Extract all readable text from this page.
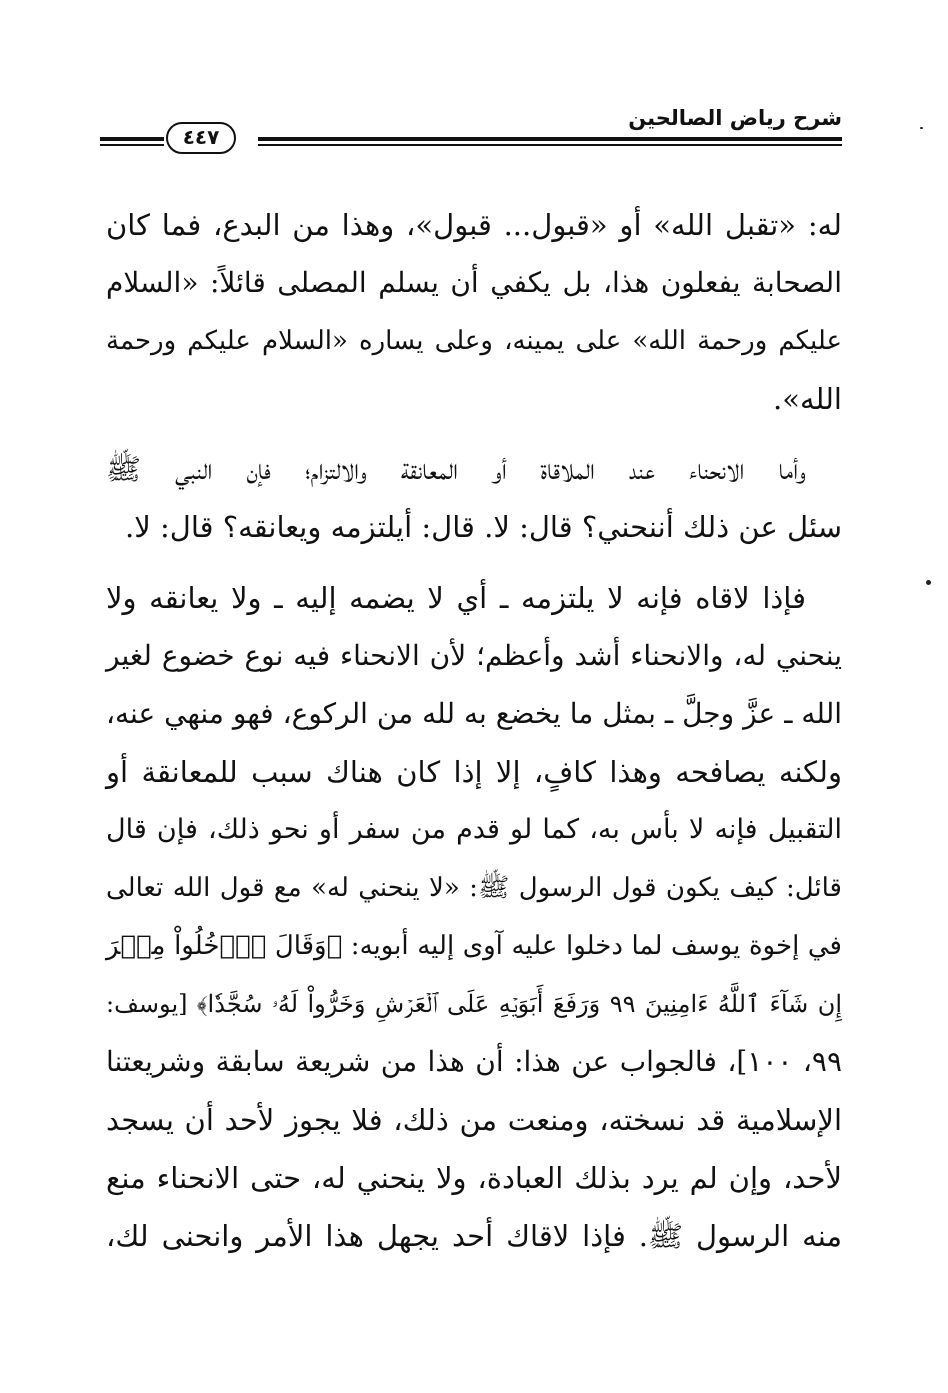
شرح رياض الصالحين
٤٤٧
له: «تقبل الله» أو «قبول... قبول»، وهذا من البدع، فما كان
الصحابة يفعلون هذا، بل يكفي أن يسلم المصلى قائلاً: «السلام
عليكم ورحمة الله» على يمينه، وعلى يساره «السلام عليكم ورحمة
الله».
وأما الانحناء عند الملاقاة أو المعانقة والالتزام؛ فإن النبي ﷺ
سئل عن ذلك أننحني؟ قال: لا. قال: أيلتزمه ويعانقه؟ قال: لا.
فإذا لاقاه فإنه لا يلتزمه ـ أي لا يضمه إليه ـ ولا يعانقه ولا
ينحني له، والانحناء أشد وأعظم؛ لأن الانحناء فيه نوع خضوع لغير
الله ـ عزَّ وجلَّ ـ بمثل ما يخضع به لله من الركوع، فهو منهي عنه،
ولكنه يصافحه وهذا كافٍ، إلا إذا كان هناك سبب للمعانقة أو
التقبيل فإنه لا بأس به، كما لو قدم من سفر أو نحو ذلك، فإن قال
قائل: كيف يكون قول الرسول ﷺ: «لا ينحني له» مع قول الله تعالى
في إخوة يوسف لما دخلوا عليه آوى إليه أبويه: ﴿وَقَالَ ٱدۡخُلُواْ مِصۡرَ
إِن شَآءَ ٱللَّهُ ءَامِنِينَ ٩٩ وَرَفَعَ أَبَوَيۡهِ عَلَى ٱلۡعَرۡشِ وَخَرُّواْ لَهُۥ سُجَّدٗا﴾ [يوسف:
٩٩، ١٠٠]، فالجواب عن هذا: أن هذا من شريعة سابقة وشريعتنا
الإسلامية قد نسخته، ومنعت من ذلك، فلا يجوز لأحد أن يسجد
لأحد، وإن لم يرد بذلك العبادة، ولا ينحني له، حتى الانحناء منع
منه الرسول ﷺ. فإذا لاقاك أحد يجهل هذا الأمر وانحنى لك،
